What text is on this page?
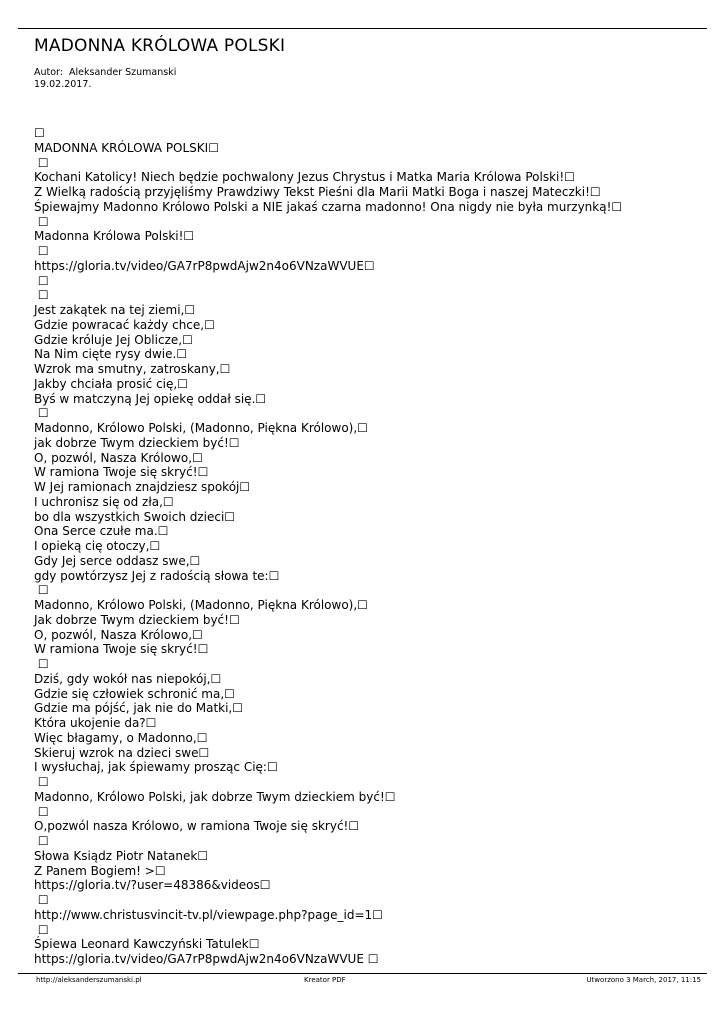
MADONNA KRÓLOWA POLSKI
Autor: Aleksander Szumanski
19.02.2017.
☐
MADONNA KRÓLOWA POLSKI☐
☐
Kochani Katolicy! Niech będzie pochwalony Jezus Chrystus i Matka Maria Królowa Polski!☐
Z Wielką radością przyjęliśmy Prawdziwy Tekst Pieśni dla Marii Matki Boga i naszej Mateczki!☐
Śpiewajmy Madonno Królowo Polski a NIE jakaś czarna madonno! Ona nigdy nie była murzynką!☐
☐
Madonna Królowa Polski!☐
☐
https://gloria.tv/video/GA7rP8pwdAjw2n4o6VNzaWVUE☐
☐
☐
Jest zakątek na tej ziemi,☐
Gdzie powracać każdy chce,☐
Gdzie króluje Jej Oblicze,☐
Na Nim cięte rysy dwie.☐
Wzrok ma smutny, zatroskany,☐
Jakby chciała prosić cię,☐
Byś w matczyną Jej opiekę oddał się.☐
☐
Madonno, Królowo Polski, (Madonno, Piękna Królowo),☐
jak dobrze Twym dzieckiem być!☐
O, pozwól, Nasza Królowo,☐
W ramiona Twoje się skryć!☐
W Jej ramionach znajdziesz spokój☐
I uchronisz się od zła,☐
bo dla wszystkich Swoich dzieci☐
Ona Serce czułe ma.☐
I opieką cię otoczy,☐
Gdy Jej serce oddasz swe,☐
gdy powtórzysz Jej z radością słowa te:☐
☐
Madonno, Królowo Polski, (Madonno, Piękna Królowo),☐
Jak dobrze Twym dzieckiem być!☐
O, pozwól, Nasza Królowo,☐
W ramiona Twoje się skryć!☐
☐
Dziś, gdy wokół nas niepokój,☐
Gdzie się człowiek schronić ma,☐
Gdzie ma pójść, jak nie do Matki,☐
Która ukojenie da?☐
Więc błagamy, o Madonno,☐
Skieruj wzrok na dzieci swe☐
I wysłuchaj, jak śpiewamy prosząc Cię:☐
☐
Madonno, Królowo Polski, jak dobrze Twym dzieckiem być!☐
☐
O,pozwól nasza Królowo, w ramiona Twoje się skryć!☐
☐
Słowa Ksiądz Piotr Natanek☐
Z Panem Bogiem! >☐
https://gloria.tv/?user=48386&videos☐
☐
http://www.christusvincit-tv.pl/viewpage.php?page_id=1☐
☐
Śpiewa Leonard Kawczyński Tatulek☐
https://gloria.tv/video/GA7rP8pwdAjw2n4o6VNzaWVUE ☐
http://aleksanderszumanski.pl	Kreator PDF	Utworzono 3 March, 2017, 11:15
